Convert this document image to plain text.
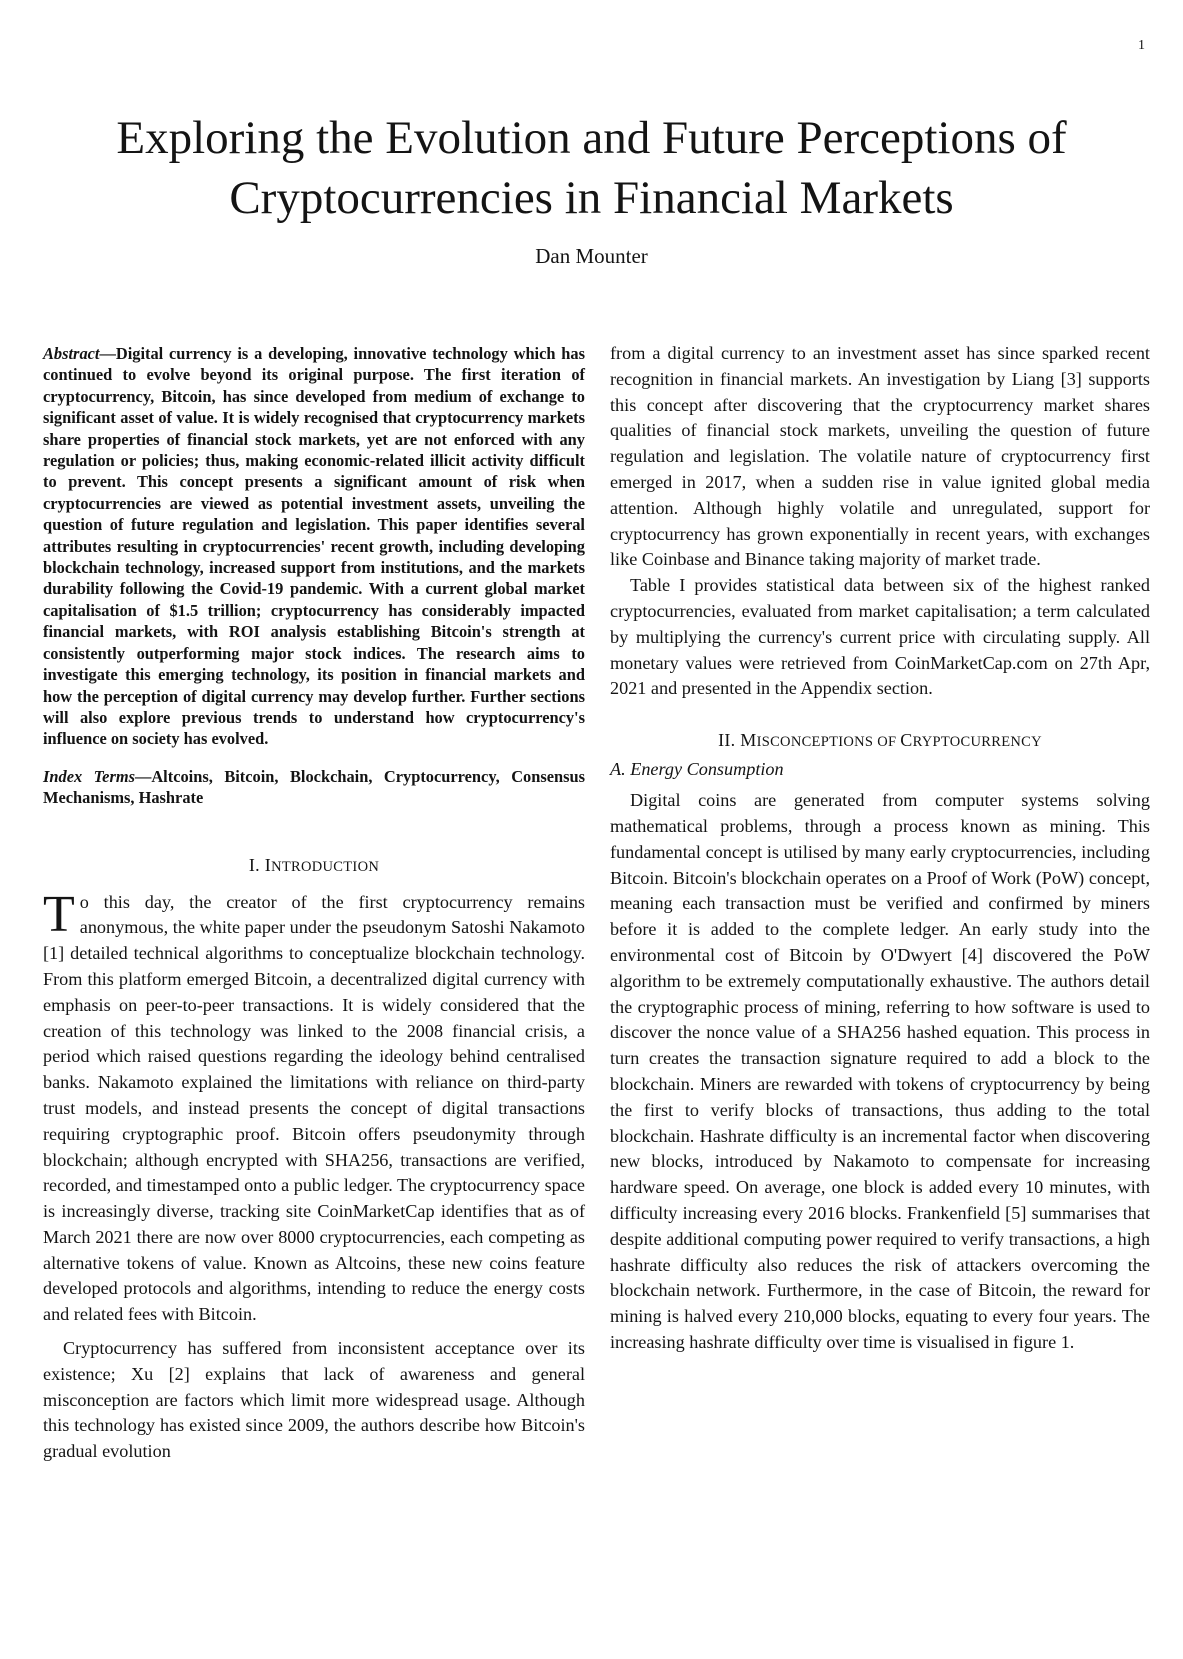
1
Exploring the Evolution and Future Perceptions of Cryptocurrencies in Financial Markets
Dan Mounter

Abstract—Digital currency is a developing, innovative technology which has continued to evolve beyond its original purpose. The first iteration of cryptocurrency, Bitcoin, has since developed from medium of exchange to significant asset of value. It is widely recognised that cryptocurrency markets share properties of financial stock markets, yet are not enforced with any regulation or policies; thus, making economic-related illicit activity difficult to prevent. This concept presents a significant amount of risk when cryptocurrencies are viewed as potential investment assets, unveiling the question of future regulation and legislation. This paper identifies several attributes resulting in cryptocurrencies' recent growth, including developing blockchain technology, increased support from institutions, and the markets durability following the Covid-19 pandemic. With a current global market capitalisation of $1.5 trillion; cryptocurrency has considerably impacted financial markets, with ROI analysis establishing Bitcoin's strength at consistently outperforming major stock indices. The research aims to investigate this emerging technology, its position in financial markets and how the perception of digital currency may develop further. Further sections will also explore previous trends to understand how cryptocurrency's influence on society has evolved.

Index Terms—Altcoins, Bitcoin, Blockchain, Cryptocurrency, Consensus Mechanisms, Hashrate

I. INTRODUCTION

To this day, the creator of the first cryptocurrency remains anonymous, the white paper under the pseudonym Satoshi Nakamoto [1] detailed technical algorithms to conceptualize blockchain technology. From this platform emerged Bitcoin, a decentralized digital currency with emphasis on peer-to-peer transactions. It is widely considered that the creation of this technology was linked to the 2008 financial crisis, a period which raised questions regarding the ideology behind centralised banks. Nakamoto explained the limitations with reliance on third-party trust models, and instead presents the concept of digital transactions requiring cryptographic proof. Bitcoin offers pseudonymity through blockchain; although encrypted with SHA256, transactions are verified, recorded, and timestamped onto a public ledger. The cryptocurrency space is increasingly diverse, tracking site CoinMarketCap identifies that as of March 2021 there are now over 8000 cryptocurrencies, each competing as alternative tokens of value. Known as Altcoins, these new coins feature developed protocols and algorithms, intending to reduce the energy costs and related fees with Bitcoin.

Cryptocurrency has suffered from inconsistent acceptance over its existence; Xu [2] explains that lack of awareness and general misconception are factors which limit more widespread usage. Although this technology has existed since 2009, the authors describe how Bitcoin's gradual evolution

from a digital currency to an investment asset has since sparked recent recognition in financial markets. An investigation by Liang [3] supports this concept after discovering that the cryptocurrency market shares qualities of financial stock markets, unveiling the question of future regulation and legislation. The volatile nature of cryptocurrency first emerged in 2017, when a sudden rise in value ignited global media attention. Although highly volatile and unregulated, support for cryptocurrency has grown exponentially in recent years, with exchanges like Coinbase and Binance taking majority of market trade.

Table I provides statistical data between six of the highest ranked cryptocurrencies, evaluated from market capitalisation; a term calculated by multiplying the currency's current price with circulating supply. All monetary values were retrieved from CoinMarketCap.com on 27th Apr, 2021 and presented in the Appendix section.

II. MISCONCEPTIONS OF CRYPTOCURRENCY
A. Energy Consumption

Digital coins are generated from computer systems solving mathematical problems, through a process known as mining. This fundamental concept is utilised by many early cryptocurrencies, including Bitcoin. Bitcoin's blockchain operates on a Proof of Work (PoW) concept, meaning each transaction must be verified and confirmed by miners before it is added to the complete ledger. An early study into the environmental cost of Bitcoin by O'Dwyert [4] discovered the PoW algorithm to be extremely computationally exhaustive. The authors detail the cryptographic process of mining, referring to how software is used to discover the nonce value of a SHA256 hashed equation. This process in turn creates the transaction signature required to add a block to the blockchain. Miners are rewarded with tokens of cryptocurrency by being the first to verify blocks of transactions, thus adding to the total blockchain. Hashrate difficulty is an incremental factor when discovering new blocks, introduced by Nakamoto to compensate for increasing hardware speed. On average, one block is added every 10 minutes, with difficulty increasing every 2016 blocks. Frankenfield [5] summarises that despite additional computing power required to verify transactions, a high hashrate difficulty also reduces the risk of attackers overcoming the blockchain network. Furthermore, in the case of Bitcoin, the reward for mining is halved every 210,000 blocks, equating to every four years. The increasing hashrate difficulty over time is visualised in figure 1.
